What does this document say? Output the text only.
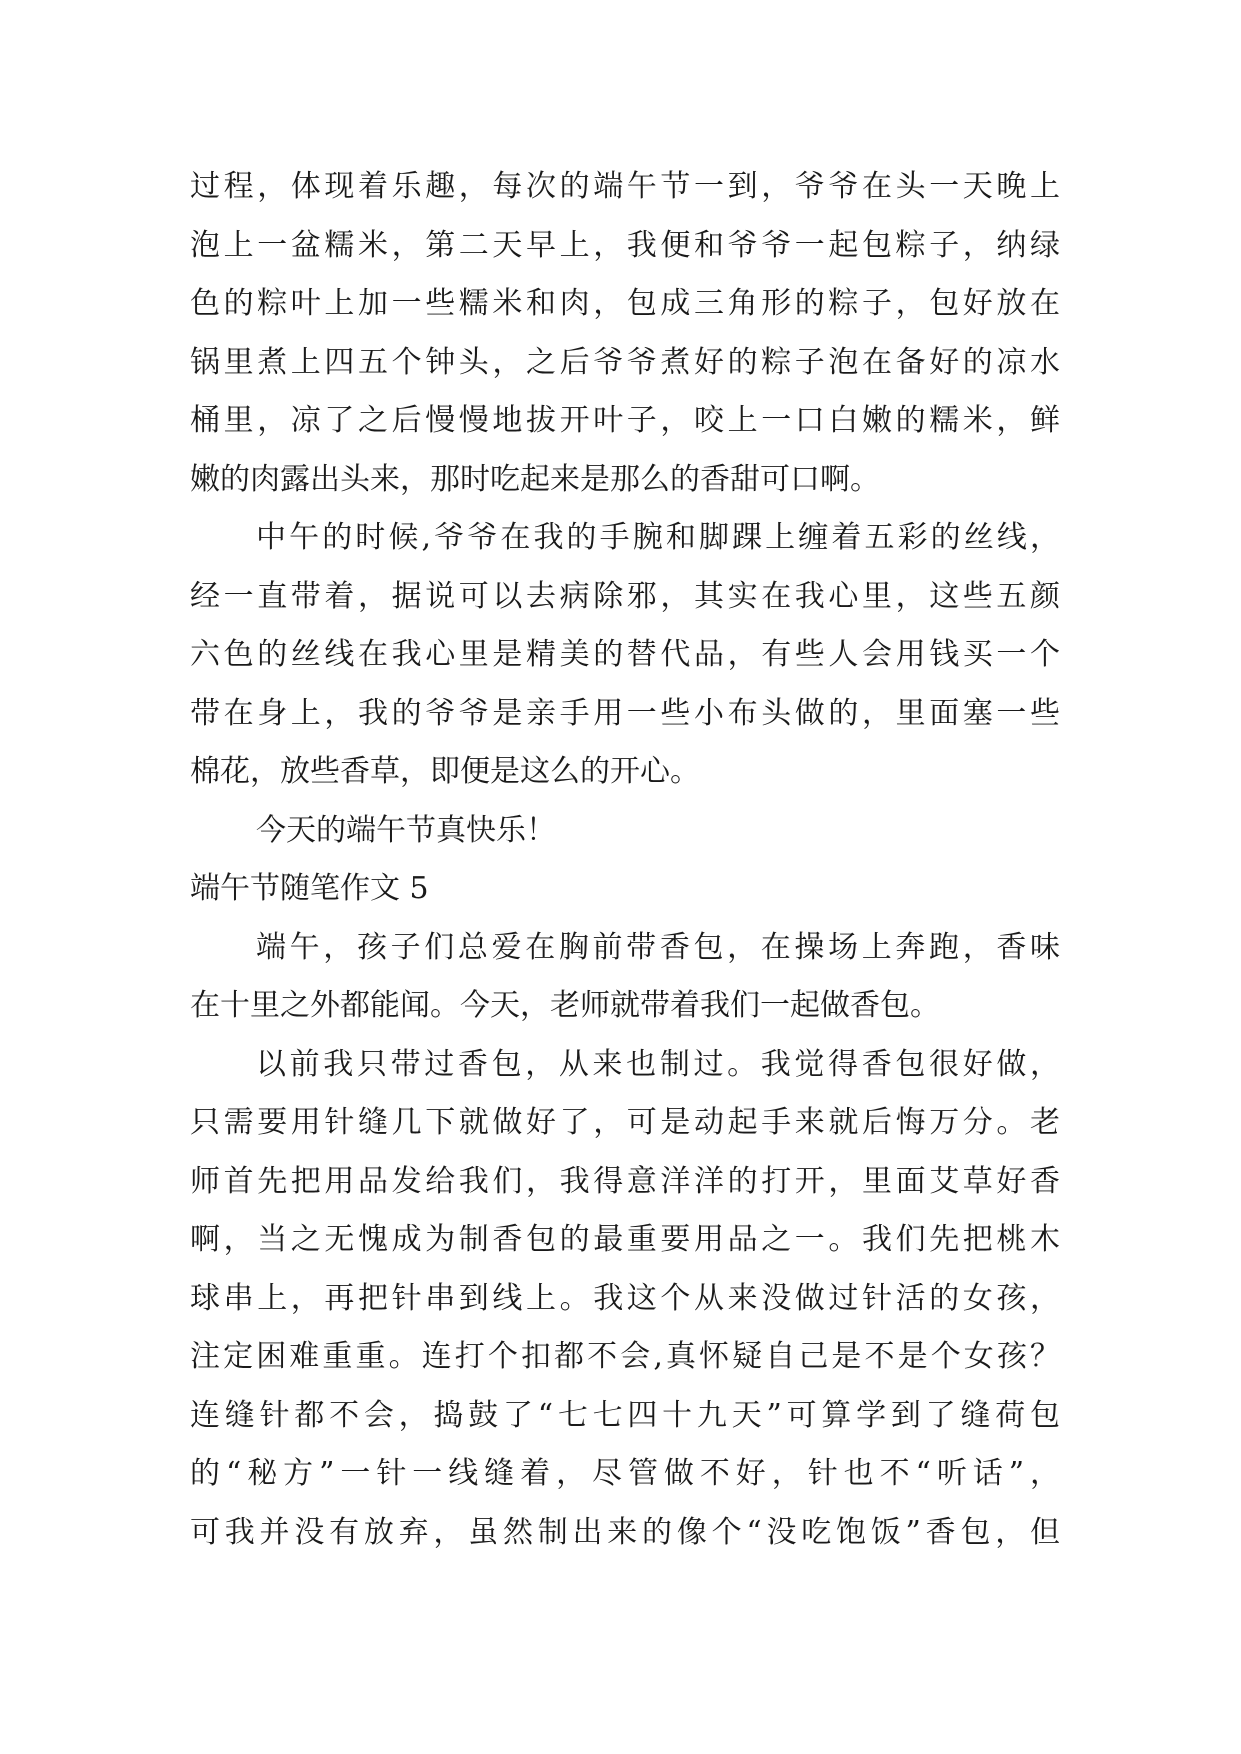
过程，体现着乐趣，每次的端午节一到，爷爷在头一天晚上
泡上一盆糯米，第二天早上，我便和爷爷一起包粽子，纳绿
色的粽叶上加一些糯米和肉，包成三角形的粽子，包好放在
锅里煮上四五个钟头，之后爷爷煮好的粽子泡在备好的凉水
桶里，凉了之后慢慢地拔开叶子，咬上一口白嫩的糯米，鲜
嫩的肉露出头来，那时吃起来是那么的香甜可口啊。
中午的时候,爷爷在我的手腕和脚踝上缠着五彩的丝线，
经一直带着，据说可以去病除邪，其实在我心里，这些五颜
六色的丝线在我心里是精美的替代品，有些人会用钱买一个
带在身上，我的爷爷是亲手用一些小布头做的，里面塞一些
棉花，放些香草，即便是这么的开心。
今天的端午节真快乐！
端午节随笔作文 5
端午，孩子们总爱在胸前带香包，在操场上奔跑，香味
在十里之外都能闻。今天，老师就带着我们一起做香包。
以前我只带过香包，从来也制过。我觉得香包很好做，
只需要用针缝几下就做好了，可是动起手来就后悔万分。老
师首先把用品发给我们，我得意洋洋的打开，里面艾草好香
啊，当之无愧成为制香包的最重要用品之一。我们先把桃木
球串上，再把针串到线上。我这个从来没做过针活的女孩，
注定困难重重。连打个扣都不会,真怀疑自己是不是个女孩？
连缝针都不会，捣鼓了“七七四十九天”可算学到了缝荷包
的“秘方”一针一线缝着，尽管做不好，针也不“听话”，
可我并没有放弃，虽然制出来的像个“没吃饱饭”香包，但
